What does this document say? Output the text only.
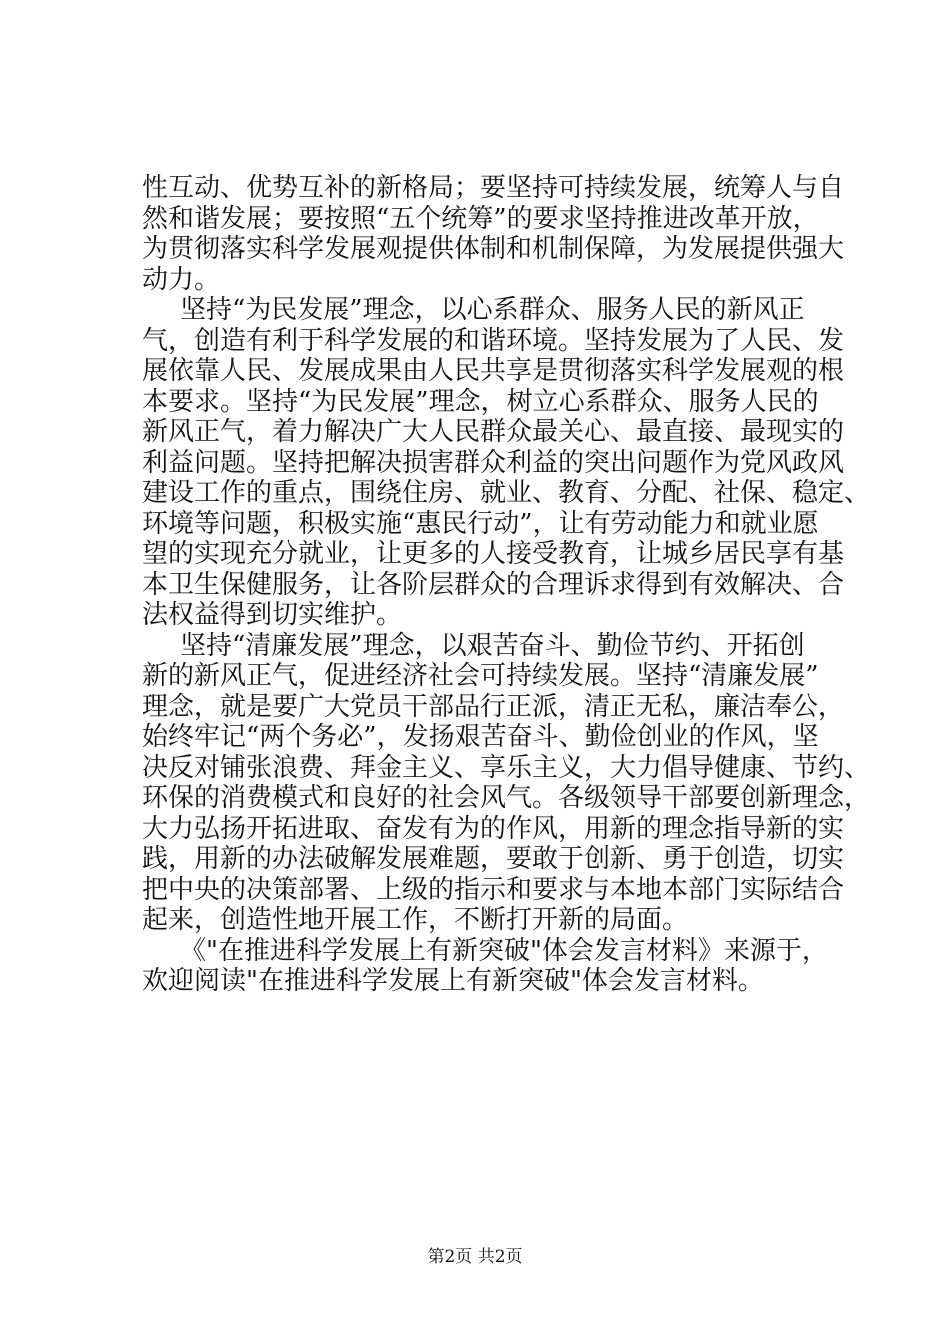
性互动、优势互补的新格局；要坚持可持续发展，统筹人与自
然和谐发展；要按照“五个统筹”的要求坚持推进改革开放，
为贯彻落实科学发展观提供体制和机制保障，为发展提供强大
动力。
坚持“为民发展”理念，以心系群众、服务人民的新风正
气，创造有利于科学发展的和谐环境。坚持发展为了人民、发
展依靠人民、发展成果由人民共享是贯彻落实科学发展观的根
本要求。坚持“为民发展”理念，树立心系群众、服务人民的
新风正气，着力解决广大人民群众最关心、最直接、最现实的
利益问题。坚持把解决损害群众利益的突出问题作为党风政风
建设工作的重点，围绕住房、就业、教育、分配、社保、稳定、
环境等问题，积极实施“惠民行动”，让有劳动能力和就业愿
望的实现充分就业，让更多的人接受教育，让城乡居民享有基
本卫生保健服务，让各阶层群众的合理诉求得到有效解决、合
法权益得到切实维护。
坚持“清廉发展”理念，以艰苦奋斗、勤俭节约、开拓创
新的新风正气，促进经济社会可持续发展。坚持“清廉发展”
理念，就是要广大党员干部品行正派，清正无私，廉洁奉公，
始终牢记“两个务必”，发扬艰苦奋斗、勤俭创业的作风，坚
决反对铺张浪费、拜金主义、享乐主义，大力倡导健康、节约、
环保的消费模式和良好的社会风气。各级领导干部要创新理念，
大力弘扬开拓进取、奋发有为的作风，用新的理念指导新的实
践，用新的办法破解发展难题，要敢于创新、勇于创造，切实
把中央的决策部署、上级的指示和要求与本地本部门实际结合
起来，创造性地开展工作，不断打开新的局面。
《"在推进科学发展上有新突破"体会发言材料》来源于，
欢迎阅读"在推进科学发展上有新突破"体会发言材料。
第2页 共2页
